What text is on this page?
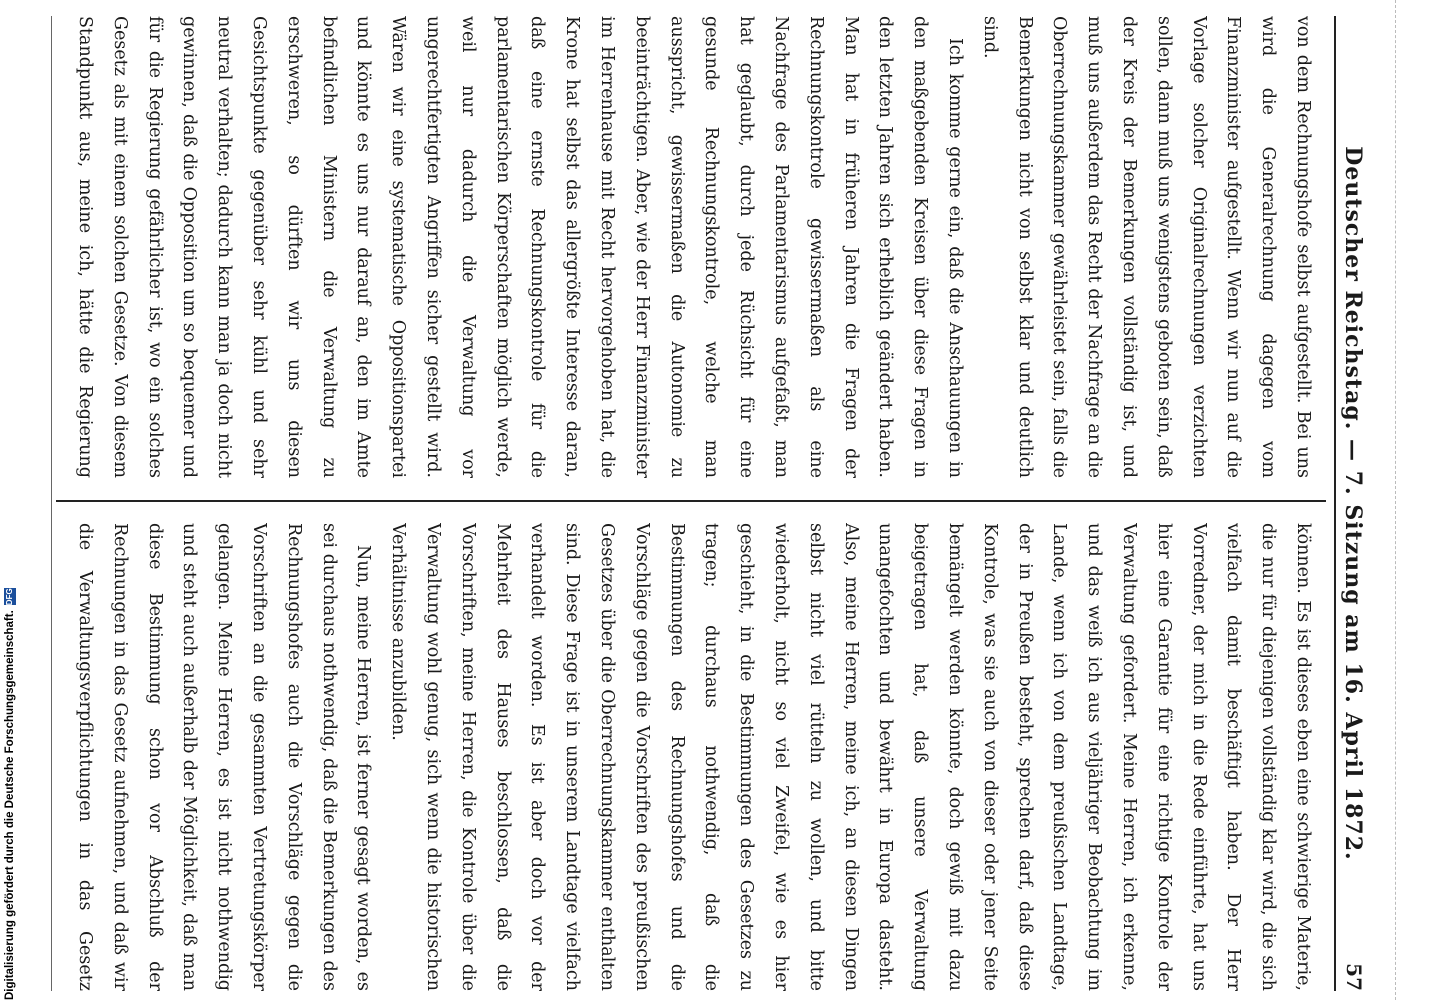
Deutscher Reichstag. — 7. Sitzung am 16. April 1872.
57

von dem Rechnungshofe selbst aufgestellt. Bei uns wird die Generalrechnung dagegen vom Finanzminister aufgestellt. Wenn wir nun auf die Vorlage solcher Originalrechnungen verzichten sollen, dann muß uns wenigstens geboten sein, daß der Kreis der Bemerkungen vollständig ist, und muß uns außerdem das Recht der Nachfrage an die Oberrechnungskammer gewährleistet sein, falls die Bemerkungen nicht von selbst klar und deutlich sind.

Ich komme gerne ein, daß die Anschauungen in den maßgebenden Kreisen über diese Fragen in den letzten Jahren sich erheblich geändert haben. Man hat in früheren Jahren die Fragen der Rechnungskontrole gewissermaßen als eine Nachfrage des Parlamentarismus aufgefaßt, man hat geglaubt, durch jede Rüchsicht für eine gesunde Rechnungskontrole, welche man ausspricht, gewissermaßen die Autonomie zu beeinträchtigen. Aber, wie der Herr Finanzminister im Herrenhause mit Recht hervorgehoben hat, die Krone hat selbst das allergrößte Interesse daran, daß eine ernste Rechnungskontrole für die parlamentarischen Körperschaften möglich werde, weil nur dadurch die Verwaltung vor ungerechtfertigten Angriffen sicher gestellt wird. Wären wir eine systematische Oppositionspartei und könnte es uns nur darauf an, den im Amte befindlichen Ministern die Verwaltung zu erschweren, so dürften wir uns diesen Gesichtspunkte gegenüber sehr kühl und sehr neutral verhalten; dadurch kann man ja doch nicht gewinnen, daß die Opposition um so bequemer und für die Regierung gefährlicher ist, wo ein solches Gesetz als mit einem solchen Gesetze. Von diesem Standpunkt aus, meine ich, hätte die Regierung

können. Es ist dieses eben eine schwierige Materie, die nur für diejenigen vollständig klar wird, die sich vielfach damit beschäftigt haben. Der Herr Vorredner, der mich in die Rede einführte, hat uns hier eine Garantie für eine richtige Kontrole der Verwaltung gefordert. Meine Herren, ich erkenne, und das weiß ich aus vieljähriger Beobachtung im Lande, wenn ich von dem preußischen Landtage, der in Preußen besteht, sprechen darf, daß diese Kontrole, was sie auch von dieser oder jener Seite bemängelt werden könnte, doch gewiß mit dazu beigetragen hat, daß unsere Verwaltung unangefochten und bewährt in Europa dasteht. Also, meine Herren, meine ich, an diesen Dingen selbst nicht viel rütteln zu wollen, und bitte wiederholt, nicht so viel Zweifel, wie es hier geschieht, in die Bestimmungen des Gesetzes zu tragen; durchaus nothwendig, daß die Bestimmungen des Rechnungshofes und die Vorschläge gegen die Vorschriften des preußischen Gesetzes über die Oberrechnungskammer enthalten sind. Diese Frage ist in unserem Landtage vielfach verhandelt worden. Es ist aber doch vor der Mehrheit des Hauses beschlossen, daß die Vorschriften, meine Herren, die Kontrole über die Verwaltung wohl genug, sich wenn die historischen Verhältnisse anzubilden.

Nun, meine Herren, ist ferner gesagt worden, es sei durchaus nothwendig, daß die Bemerkungen des Rechnungshofes auch die Vorschläge gegen die Vorschriften an die gesammten Vertretungskörper gelangen. Meine Herren, es ist nicht nothwendig und steht auch außerhalb der Möglichkeit, daß man diese Bestimmung schon vor Abschluß der Rechnungen in das Gesetz aufnehmen, und daß wir die Verwaltungsverpflichtungen in das Gesetz

Digitalisierung gefördert durch die Deutsche Forschungsgemeinschaft.
DFG
